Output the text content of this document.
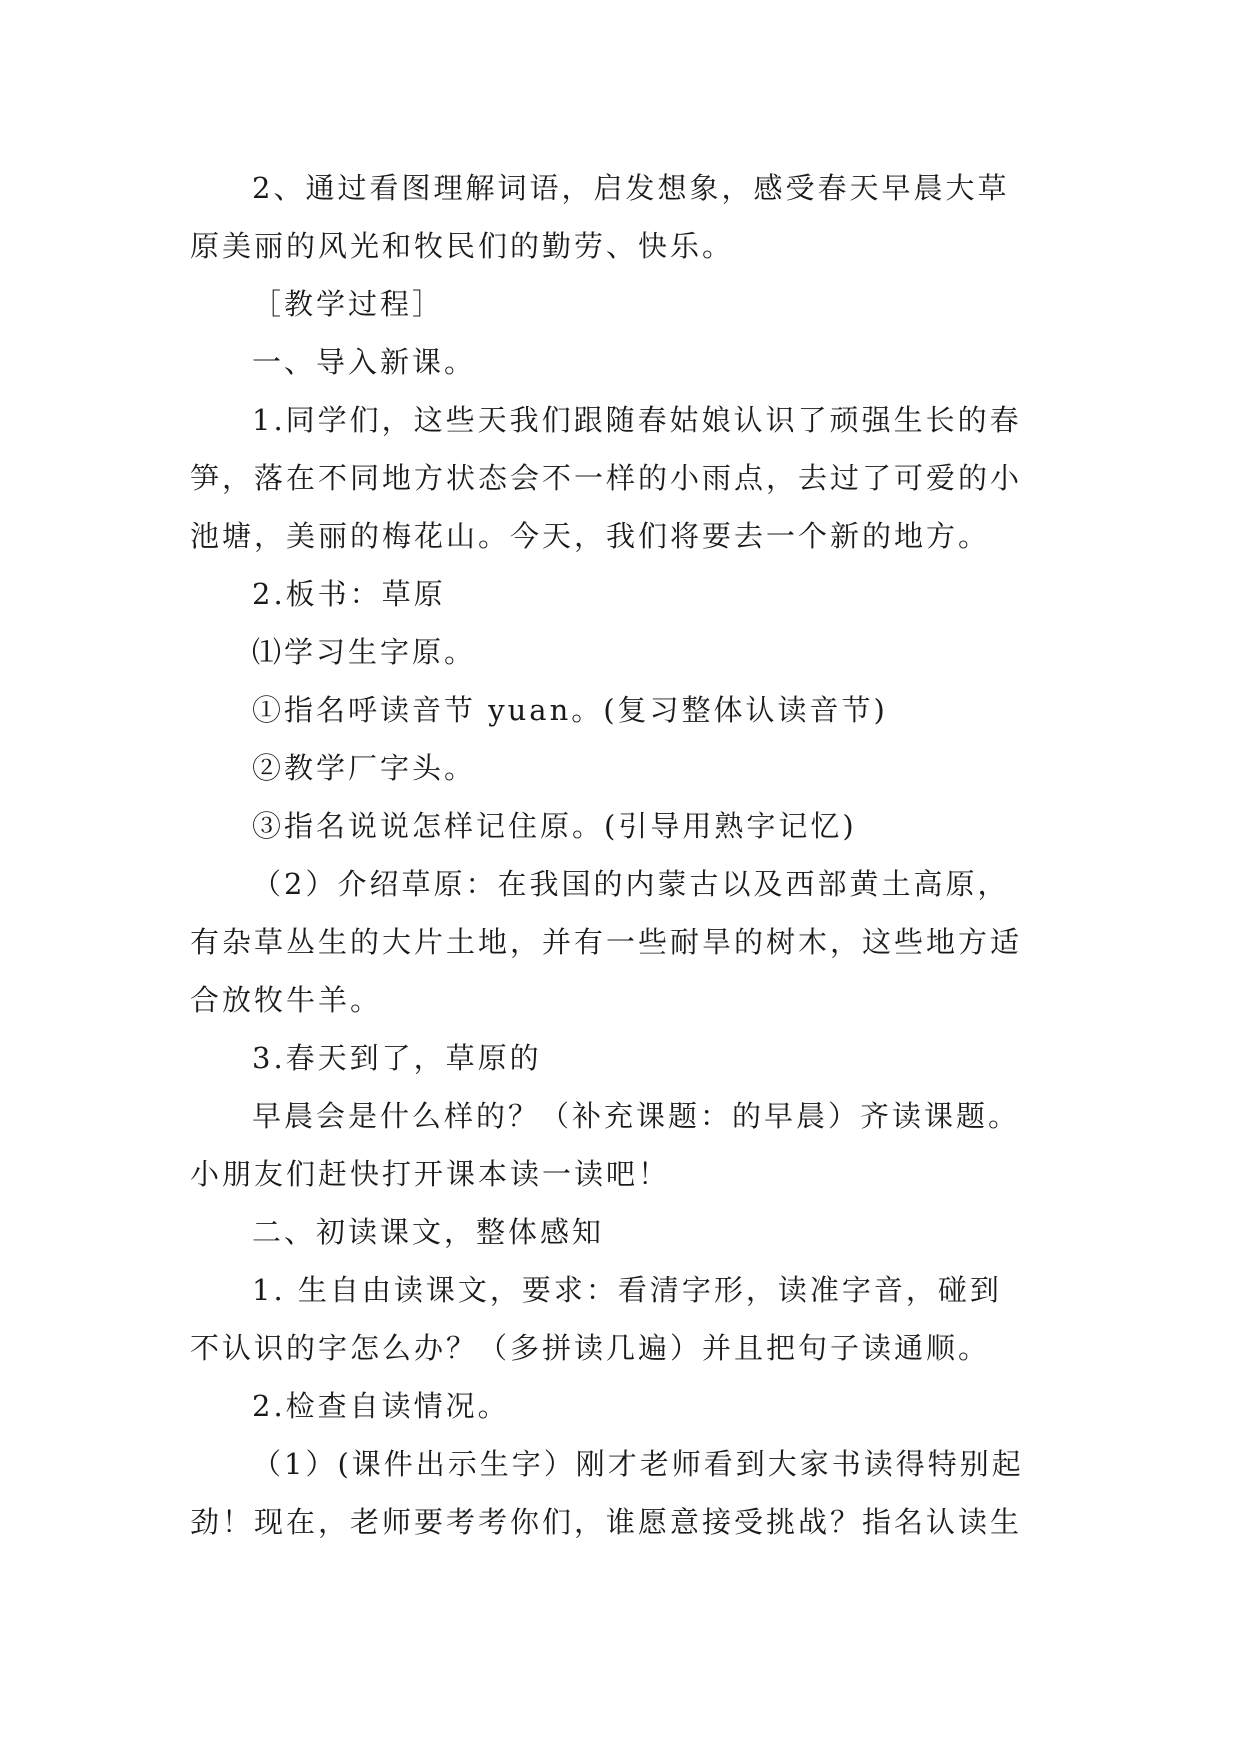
2、通过看图理解词语，启发想象，感受春天早晨大草
原美丽的风光和牧民们的勤劳、快乐。
［教学过程］
一、导入新课。
1.同学们，这些天我们跟随春姑娘认识了顽强生长的春
笋，落在不同地方状态会不一样的小雨点，去过了可爱的小
池塘，美丽的梅花山。今天，我们将要去一个新的地方。
2.板书：草原
⑴学习生字原。
①指名呼读音节 yuan。(复习整体认读音节)
②教学厂字头。
③指名说说怎样记住原。(引导用熟字记忆)
（2）介绍草原：在我国的内蒙古以及西部黄土高原，
有杂草丛生的大片土地，并有一些耐旱的树木，这些地方适
合放牧牛羊。
3.春天到了，草原的
早晨会是什么样的？（补充课题：的早晨）齐读课题。
小朋友们赶快打开课本读一读吧！
二、初读课文，整体感知
1. 生自由读课文，要求：看清字形，读准字音，碰到
不认识的字怎么办？（多拼读几遍）并且把句子读通顺。
2.检查自读情况。
（1）(课件出示生字）刚才老师看到大家书读得特别起
劲！现在，老师要考考你们，谁愿意接受挑战？指名认读生
